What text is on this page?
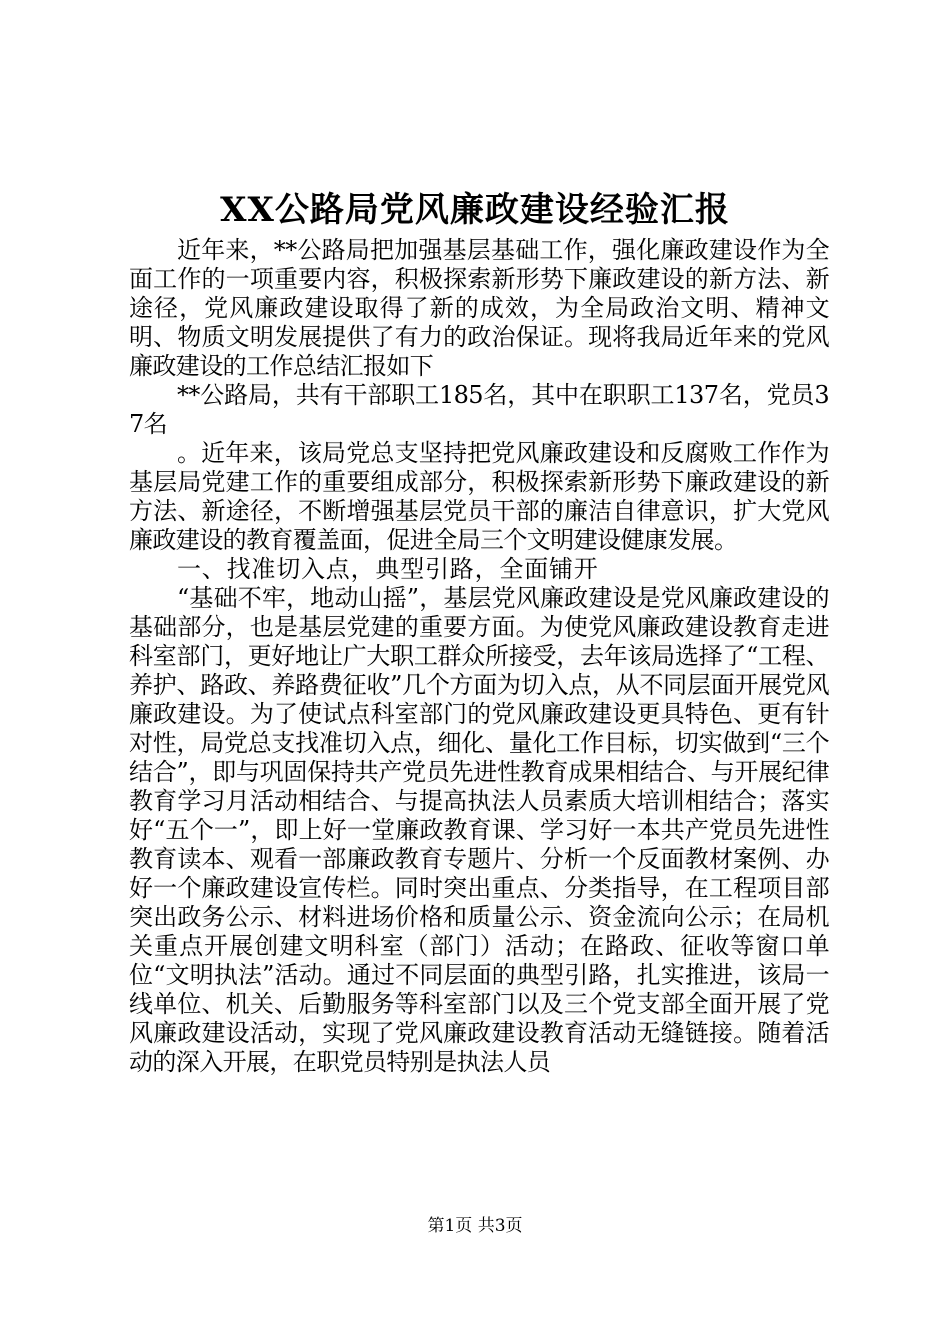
XX公路局党风廉政建设经验汇报

近年来，**公路局把加强基层基础工作，强化廉政建设作为全面工作的一项重要内容，积极探索新形势下廉政建设的新方法、新途径，党风廉政建设取得了新的成效，为全局政治文明、精神文明、物质文明发展提供了有力的政治保证。现将我局近年来的党风廉政建设的工作总结汇报如下

**公路局，共有干部职工185名，其中在职职工137名，党员37名

。近年来，该局党总支坚持把党风廉政建设和反腐败工作作为基层局党建工作的重要组成部分，积极探索新形势下廉政建设的新方法、新途径，不断增强基层党员干部的廉洁自律意识，扩大党风廉政建设的教育覆盖面，促进全局三个文明建设健康发展。

一、找准切入点，典型引路，全面铺开

“基础不牢，地动山摇”，基层党风廉政建设是党风廉政建设的基础部分，也是基层党建的重要方面。为使党风廉政建设教育走进科室部门，更好地让广大职工群众所接受，去年该局选择了“工程、养护、路政、养路费征收”几个方面为切入点，从不同层面开展党风廉政建设。为了使试点科室部门的党风廉政建设更具特色、更有针对性，局党总支找准切入点，细化、量化工作目标，切实做到“三个结合”，即与巩固保持共产党员先进性教育成果相结合、与开展纪律教育学习月活动相结合、与提高执法人员素质大培训相结合；落实好“五个一”，即上好一堂廉政教育课、学习好一本共产党员先进性教育读本、观看一部廉政教育专题片、分析一个反面教材案例、办好一个廉政建设宣传栏。同时突出重点、分类指导，在工程项目部突出政务公示、材料进场价格和质量公示、资金流向公示；在局机关重点开展创建文明科室（部门）活动；在路政、征收等窗口单位“文明执法”活动。通过不同层面的典型引路，扎实推进，该局一线单位、机关、后勤服务等科室部门以及三个党支部全面开展了党风廉政建设活动，实现了党风廉政建设教育活动无缝链接。随着活动的深入开展，在职党员特别是执法人员

第1页 共3页
